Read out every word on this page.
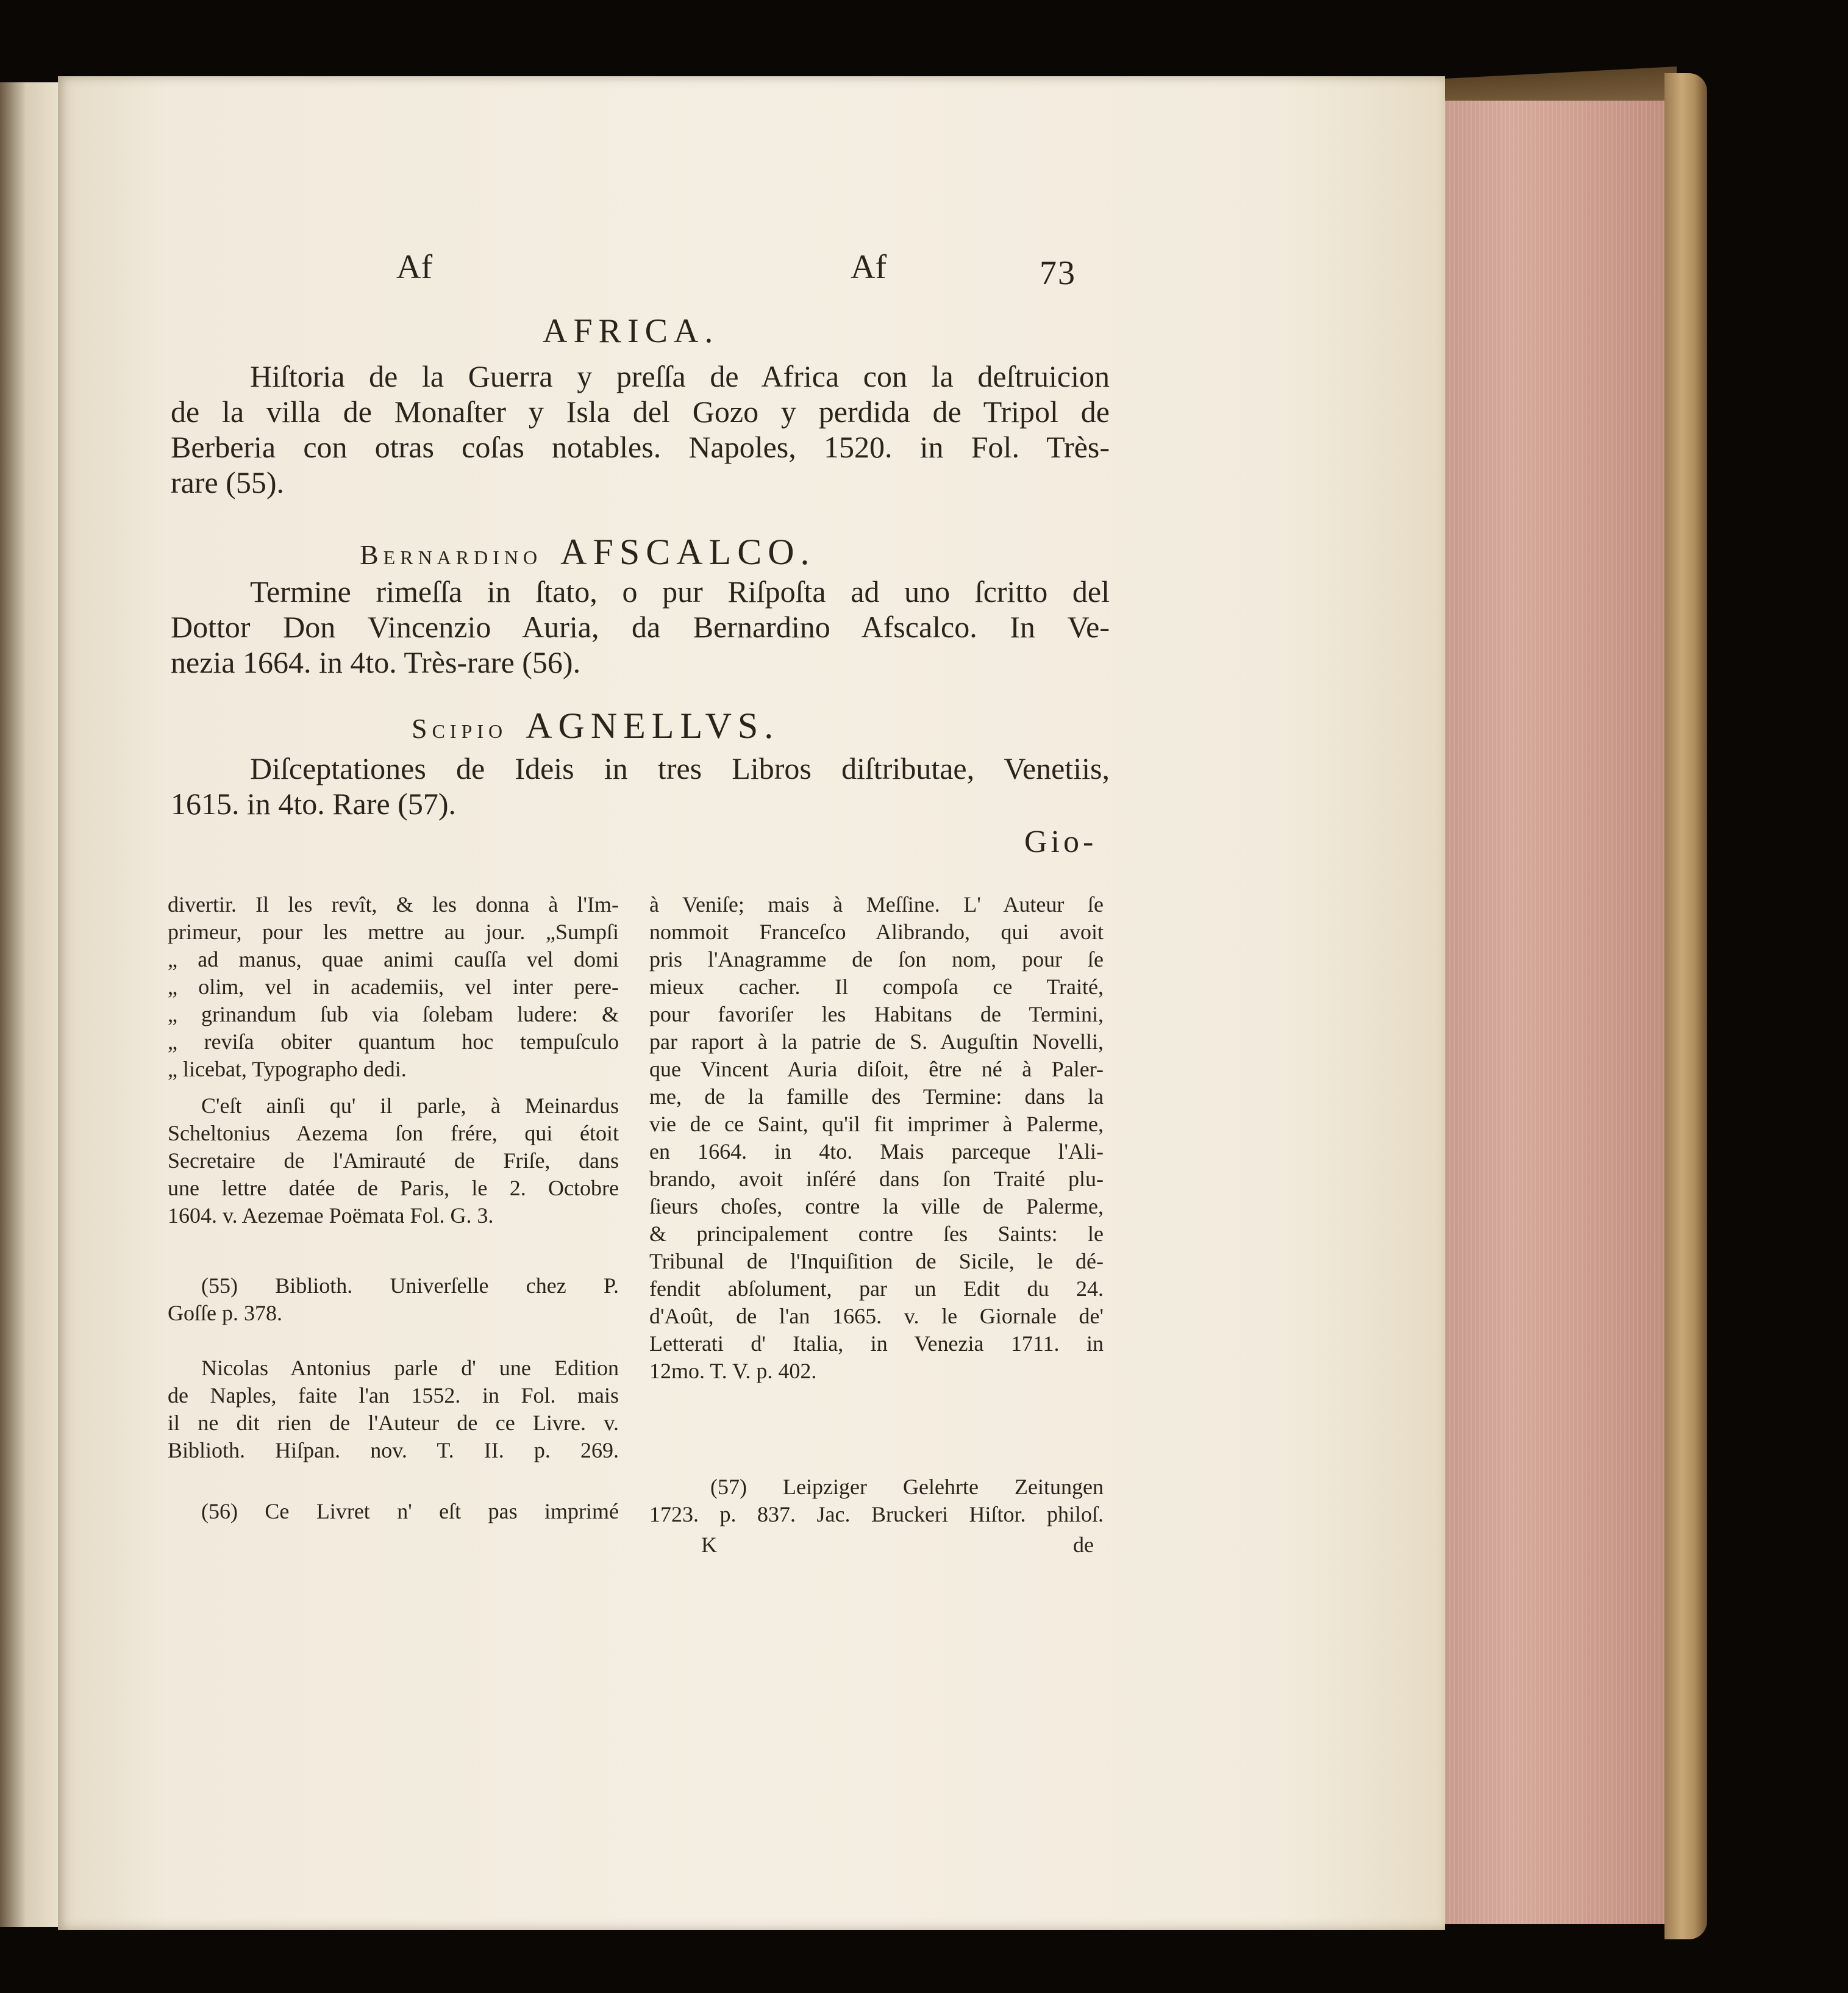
Af	Af	73
AFRICA.
Hiſtoria de la Guerra y preſſa de Africa con la deſtruicion
de la villa de Monaſter y Isla del Gozo y perdida de Tripol de
Berberia con otras coſas notables. Napoles, 1520. in Fol. Très-
rare (55).
Bernardino AFSCALCO.
Termine rimeſſa in ſtato, o pur Riſpoſta ad uno ſcritto del
Dottor Don Vincenzio Auria, da Bernardino Afscalco. In Ve-
nezia 1664. in 4to. Très-rare (56).
Scipio AGNELLVS.
Diſceptationes de Ideis in tres Libros diſtributae, Venetiis,
1615. in 4to. Rare (57).
Gio-
divertir. Il les revît, & les donna à l'Im-
primeur, pour les mettre au jour. „Sumpſi
„ ad manus, quae animi cauſſa vel domi
„ olim, vel in academiis, vel inter pere-
„ grinandum ſub via ſolebam ludere: &
„ reviſa obiter quantum hoc tempuſculo
„ licebat, Typographo dedi.
C'eſt ainſi qu' il parle, à Meinardus
Scheltonius Aezema ſon frére, qui étoit
Secretaire de l'Amirauté de Friſe, dans
une lettre datée de Paris, le 2. Octobre
1604. v. Aezemae Poëmata Fol. G. 3.
(55) Biblioth. Univerſelle chez P.
Goſſe p. 378.
Nicolas Antonius parle d' une Edition
de Naples, faite l'an 1552. in Fol. mais
il ne dit rien de l'Auteur de ce Livre. v.
Biblioth. Hiſpan. nov. T. II. p. 269.
(56) Ce Livret n' eſt pas imprimé
à Veniſe; mais à Meſſine. L' Auteur ſe
nommoit Franceſco Alibrando, qui avoit
pris l'Anagramme de ſon nom, pour ſe
mieux cacher. Il compoſa ce Traité,
pour favoriſer les Habitans de Termini,
par raport à la patrie de S. Auguſtin Novelli,
que Vincent Auria diſoit, être né à Paler-
me, de la famille des Termine: dans la
vie de ce Saint, qu'il fit imprimer à Palerme,
en 1664. in 4to. Mais parceque l'Ali-
brando, avoit inſéré dans ſon Traité plu-
ſieurs choſes, contre la ville de Palerme,
& principalement contre ſes Saints: le
Tribunal de l'Inquiſition de Sicile, le dé-
fendit abſolument, par un Edit du 24.
d'Août, de l'an 1665. v. le Giornale de'
Letterati d' Italia, in Venezia 1711. in
12mo. T. V. p. 402.
(57) Leipziger Gelehrte Zeitungen
1723. p. 837. Jac. Bruckeri Hiſtor. philoſ.
K	de
